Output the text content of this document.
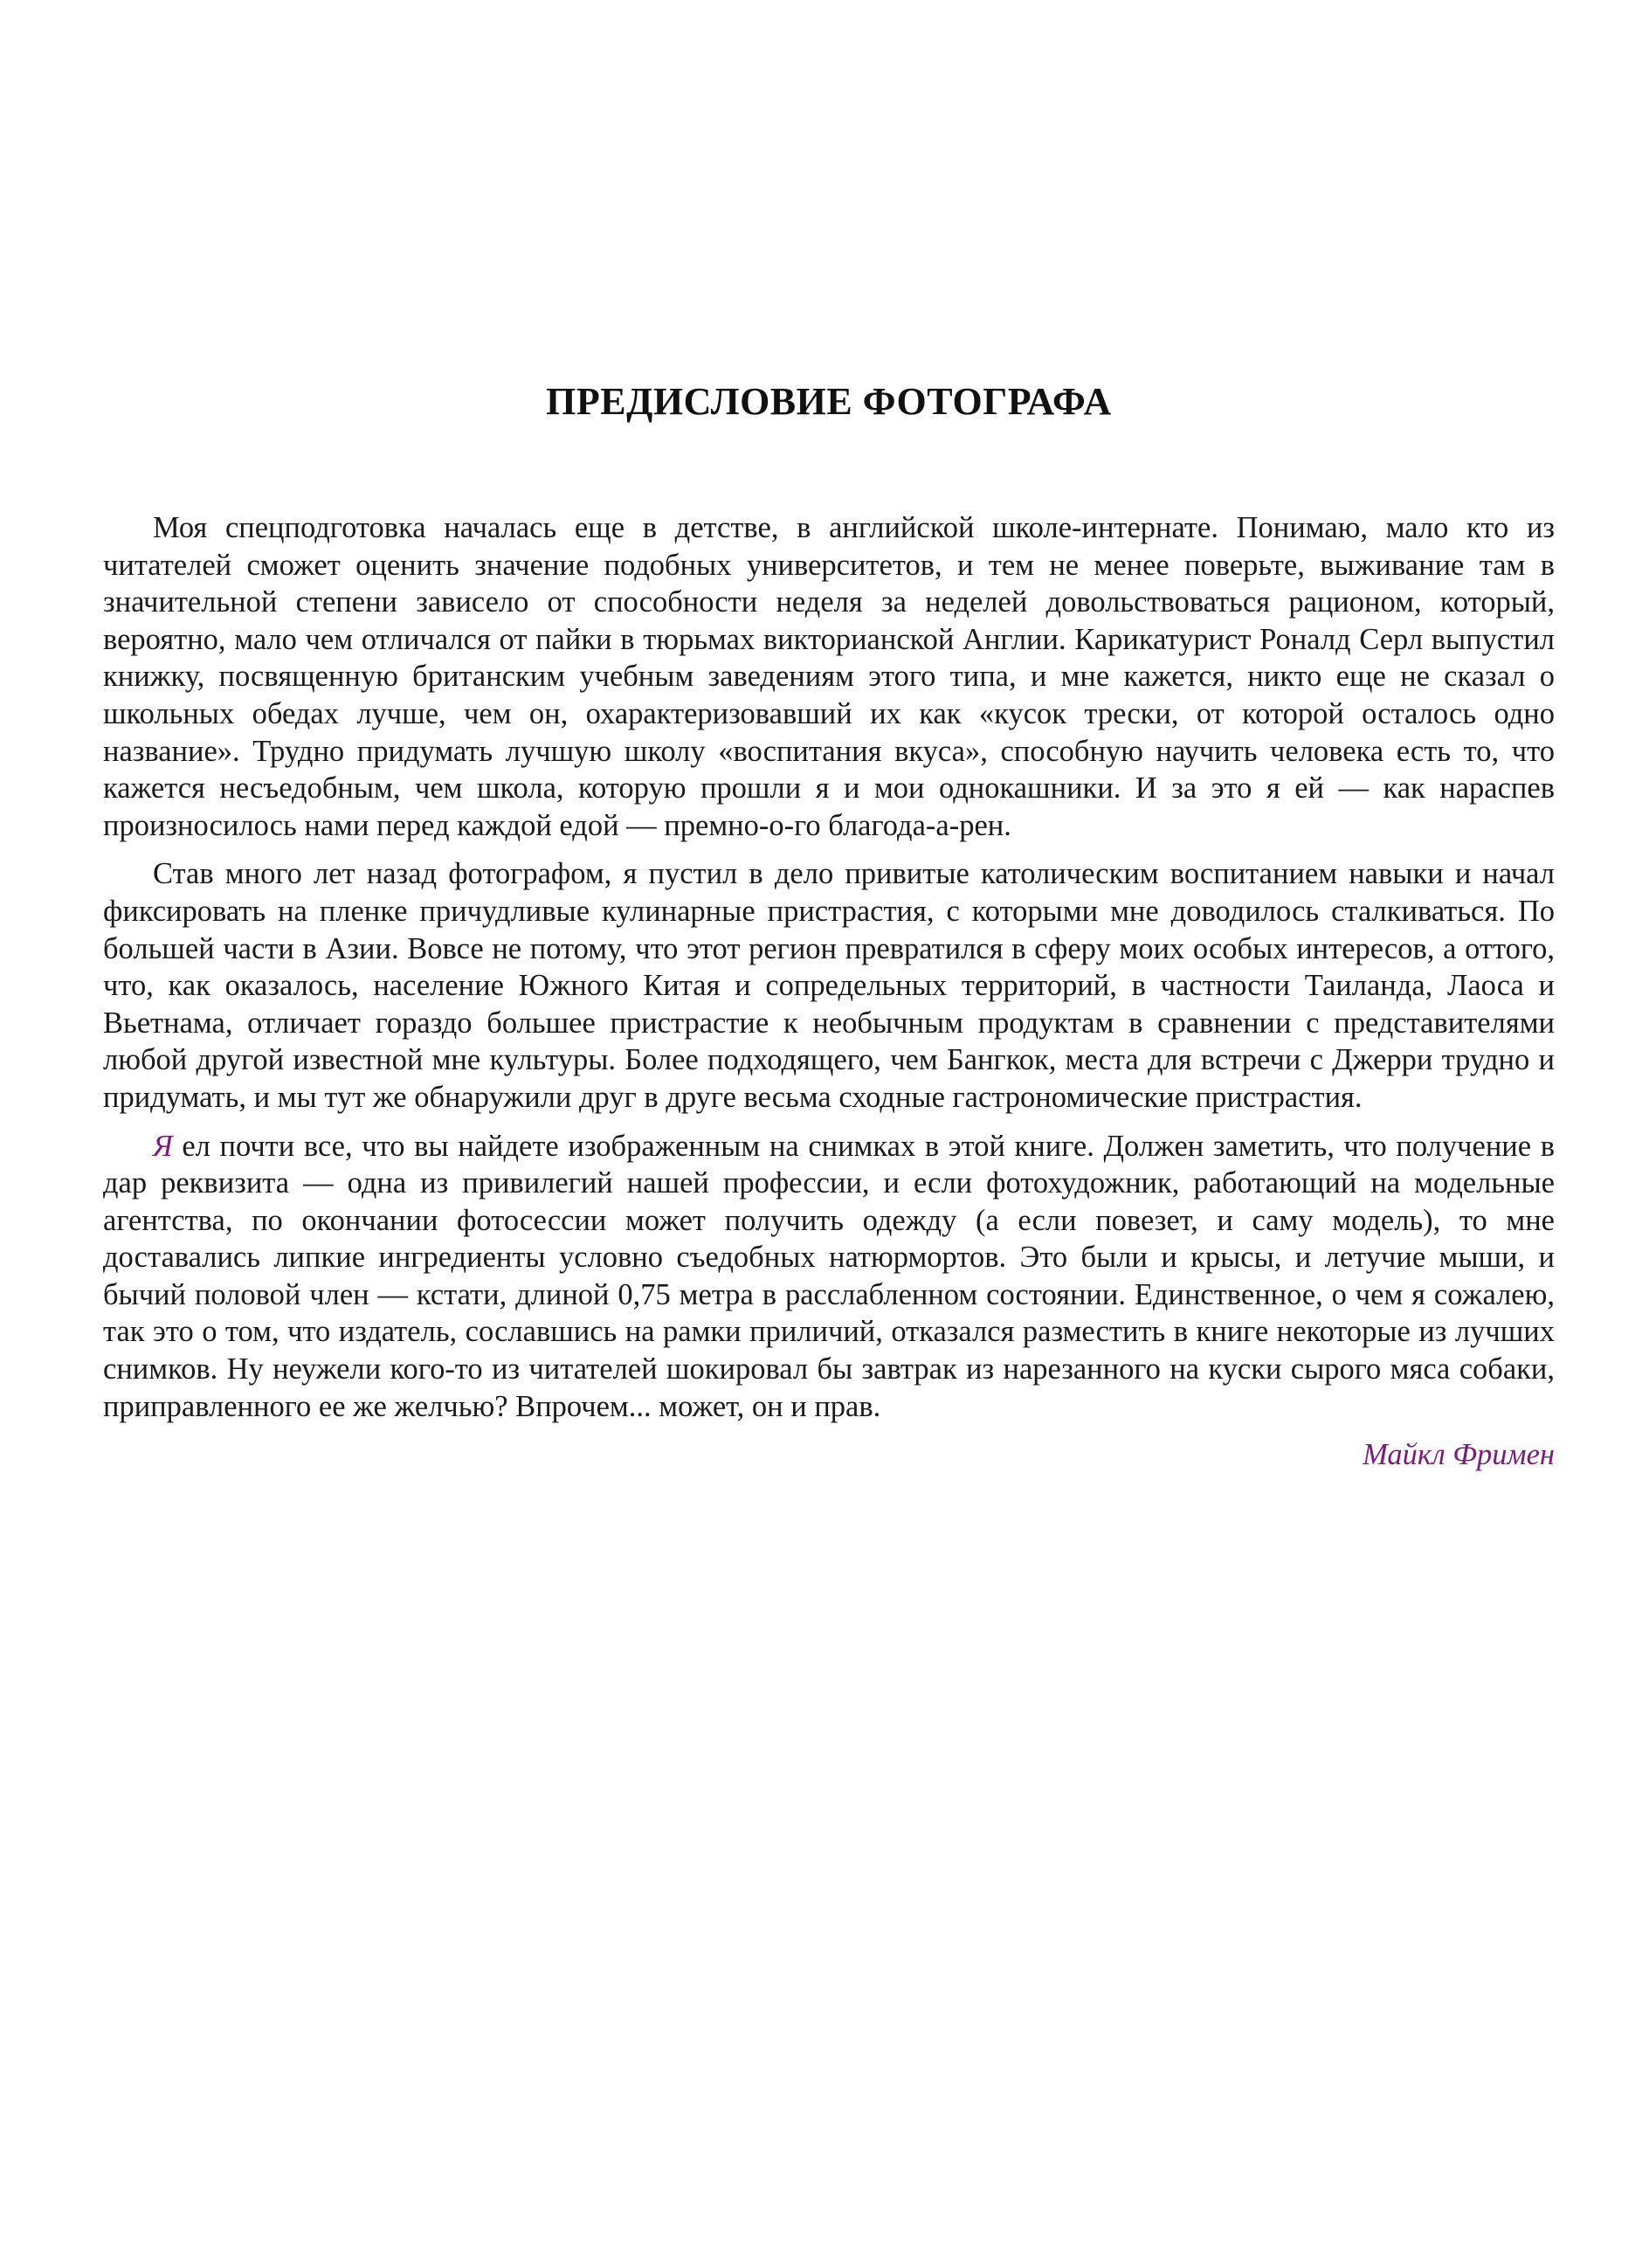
ПРЕДИСЛОВИЕ ФОТОГРАФА

Моя спецподготовка началась еще в детстве, в английской школе-интернате. Понимаю, мало кто из читателей сможет оценить значение подобных университетов, и тем не менее поверьте, выживание там в значительной степени зависело от способности неделя за неделей довольствоваться рационом, который, вероятно, мало чем отличался от пайки в тюрьмах викторианской Англии. Карикатурист Роналд Серл выпустил книжку, посвященную британским учебным заведениям этого типа, и мне кажется, никто еще не сказал о школьных обедах лучше, чем он, охарактеризовавший их как «кусок трески, от которой осталось одно название». Трудно придумать лучшую школу «воспитания вкуса», способную научить человека есть то, что кажется несъедобным, чем школа, которую прошли я и мои однокашники. И за это я ей — как нараспев произносилось нами перед каждой едой — премно-о-го благода-а-рен.

Став много лет назад фотографом, я пустил в дело привитые католическим воспитанием навыки и начал фиксировать на пленке причудливые кулинарные пристрастия, с которыми мне доводилось сталкиваться. По большей части в Азии. Вовсе не потому, что этот регион превратился в сферу моих особых интересов, а оттого, что, как оказалось, население Южного Китая и сопредельных территорий, в частности Таиланда, Лаоса и Вьетнама, отличает гораздо большее пристрастие к необычным продуктам в сравнении с представителями любой другой известной мне культуры. Более подходящего, чем Бангкок, места для встречи с Джерри трудно и придумать, и мы тут же обнаружили друг в друге весьма сходные гастрономические пристрастия.

Я ел почти все, что вы найдете изображенным на снимках в этой книге. Должен заметить, что получение в дар реквизита — одна из привилегий нашей профессии, и если фотохудожник, работающий на модельные агентства, по окончании фотосессии может получить одежду (а если повезет, и саму модель), то мне доставались липкие ингредиенты условно съедобных натюрмортов. Это были и крысы, и летучие мыши, и бычий половой член — кстати, длиной 0,75 метра в расслабленном состоянии. Единственное, о чем я сожалею, так это о том, что издатель, сославшись на рамки приличий, отказался разместить в книге некоторые из лучших снимков. Ну неужели кого-то из читателей шокировал бы завтрак из нарезанного на куски сырого мяса собаки, приправленного ее же желчью? Впрочем... может, он и прав.

Майкл Фримен
